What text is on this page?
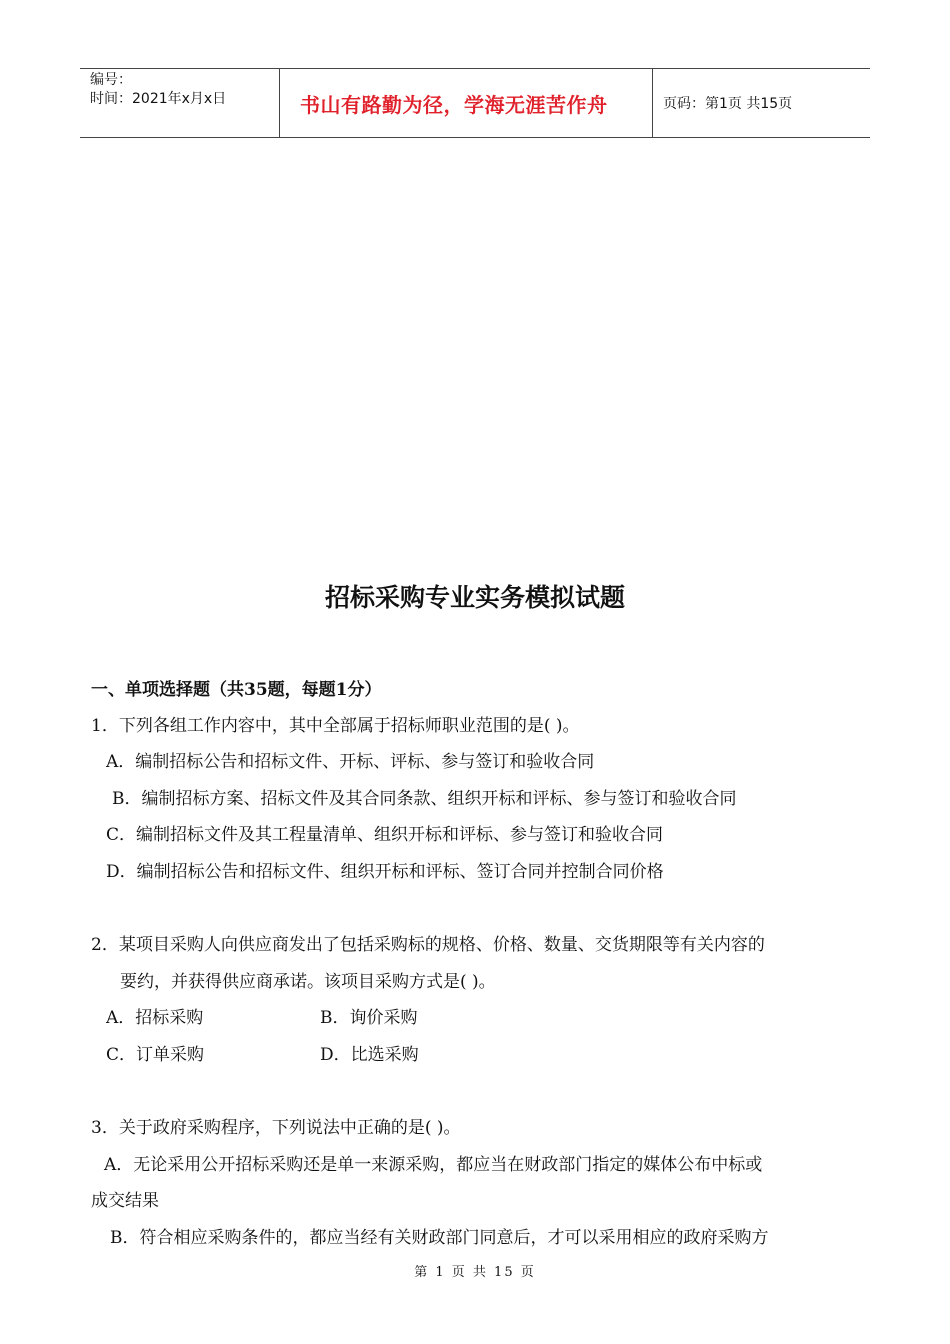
编号：
时间：2021年x月x日	书山有路勤为径，学海无涯苦作舟	页码：第1页 共15页
招标采购专业实务模拟试题
一、单项选择题（共35题，每题1分）
1．下列各组工作内容中，其中全部属于招标师职业范围的是( )。
A．编制招标公告和招标文件、开标、评标、参与签订和验收合同
B．编制招标方案、招标文件及其合同条款、组织开标和评标、参与签订和验收合同
C．编制招标文件及其工程量清单、组织开标和评标、参与签订和验收合同
D．编制招标公告和招标文件、组织开标和评标、签订合同并控制合同价格
2．某项目采购人向供应商发出了包括采购标的规格、价格、数量、交货期限等有关内容的
要约，并获得供应商承诺。该项目采购方式是( )。
A．招标采购	B．询价采购
C．订单采购	D．比选采购
3．关于政府采购程序，下列说法中正确的是( )。
A．无论采用公开招标采购还是单一来源采购，都应当在财政部门指定的媒体公布中标或
成交结果
B．符合相应采购条件的，都应当经有关财政部门同意后，才可以采用相应的政府采购方
第 1 页 共 15 页
